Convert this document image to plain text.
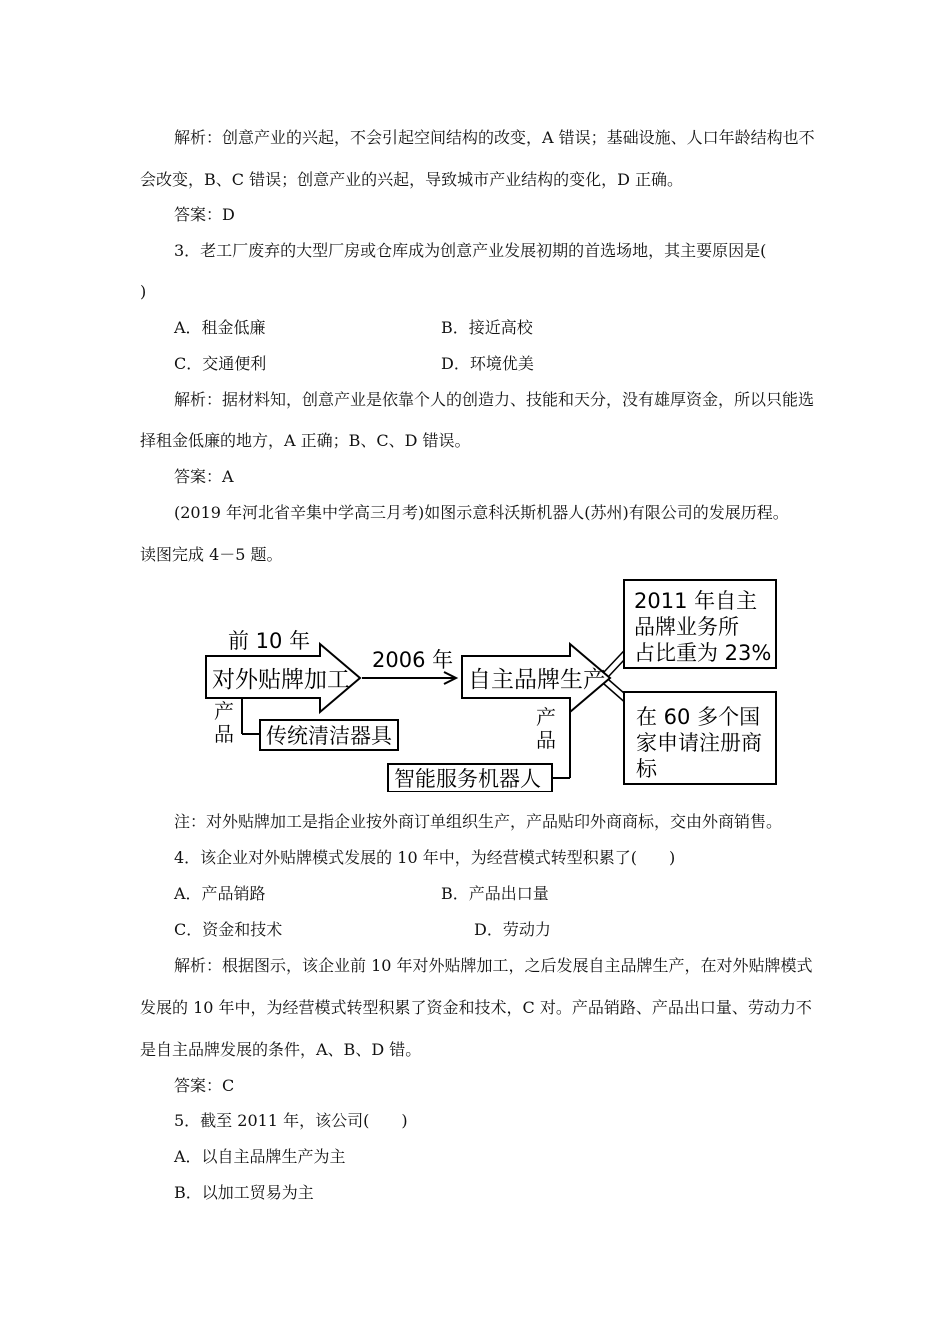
解析：创意产业的兴起，不会引起空间结构的改变，A 错误；基础设施、人口年龄结构也不
会改变，B、C 错误；创意产业的兴起，导致城市产业结构的变化，D 正确。
答案：D
3．老工厂废弃的大型厂房或仓库成为创意产业发展初期的首选场地，其主要原因是(
)
A．租金低廉	B．接近高校
C．交通便利	D．环境优美
解析：据材料知，创意产业是依靠个人的创造力、技能和天分，没有雄厚资金，所以只能选
择租金低廉的地方，A 正确；B、C、D 错误。
答案：A
(2019 年河北省辛集中学高三月考)如图示意科沃斯机器人(苏州)有限公司的发展历程。
读图完成 4－5 题。
前 10 年
对外贴牌加工
2006 年
自主品牌生产
产
品 传统清洁器具
产
品
智能服务机器人
2011 年自主
品牌业务所
占比重为 23%
在 60 多个国
家申请注册商
标
注：对外贴牌加工是指企业按外商订单组织生产，产品贴印外商商标，交由外商销售。
4．该企业对外贴牌模式发展的 10 年中，为经营模式转型积累了(　　)
A．产品销路	B．产品出口量
C．资金和技术	D．劳动力
解析：根据图示，该企业前 10 年对外贴牌加工，之后发展自主品牌生产，在对外贴牌模式
发展的 10 年中，为经营模式转型积累了资金和技术，C 对。产品销路、产品出口量、劳动力不
是自主品牌发展的条件，A、B、D 错。
答案：C
5．截至 2011 年，该公司(　　)
A．以自主品牌生产为主
B．以加工贸易为主
